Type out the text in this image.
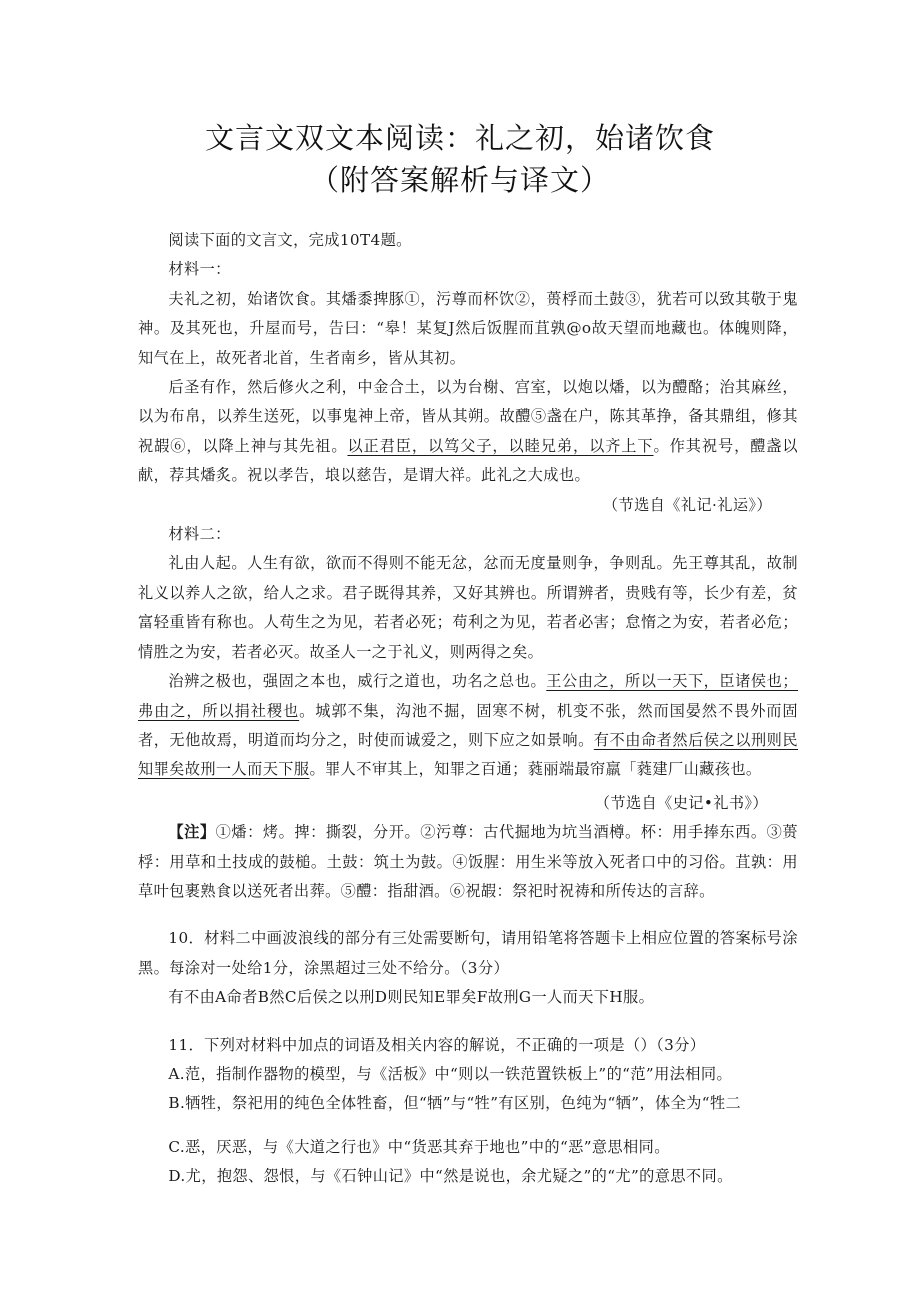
文言文双文本阅读：礼之初，始诸饮食
（附答案解析与译文）

阅读下面的文言文，完成10T4题。

材料一：

夫礼之初，始诸饮食。其燔黍捭豚①，污尊而杯饮②，蒉桴而土鼓③，犹若可以致其敬于鬼神。及其死也，升屋而号，告曰：“皋！某复J然后饭腥而苴孰@o故天望而地藏也。体魄则降，知气在上，故死者北首，生者南乡，皆从其初。

后圣有作，然后修火之利，中金合土，以为台榭、宫室，以炮以燔，以为醴酪；治其麻丝，以为布帛，以养生送死，以事鬼神上帝，皆从其朔。故醴⑤盏在户，陈其革挣，备其鼎组，修其祝嘏⑥，以降上神与其先祖。以正君臣，以笃父子，以睦兄弟，以齐上下。作其祝号，醴盏以献，荐其燔炙。祝以孝告，埌以慈告，是谓大祥。此礼之大成也。

（节选自《礼记·礼运》）

材料二：

礼由人起。人生有欲，欲而不得则不能无忿，忿而无度量则争，争则乱。先王尊其乱，故制礼义以养人之欲，给人之求。君子既得其养，又好其辨也。所谓辨者，贵贱有等，长少有差，贫富轻重皆有称也。人苟生之为见，若者必死；苟利之为见，若者必害；怠惰之为安，若者必危；情胜之为安，若者必灭。故圣人一之于礼义，则两得之矣。

治辨之极也，强固之本也，威行之道也，功名之总也。王公由之，所以一天下，臣诸侯也；弗由之，所以捐社稷也。城郭不集，沟池不掘，固寒不树，机变不张，然而国晏然不畏外而固者，无他故焉，明道而均分之，时使而诚爱之，则下应之如景响。有不由命者然后侯之以刑则民知罪矣故刑一人而天下服。罪人不审其上，知罪之百通；蕤丽端最帘羸「蕤建厂山藏孩也。

（节选自《史记•礼书》）

【注】①燔：烤。捭：撕裂，分开。②污尊：古代掘地为坑当酒樽。杯：用手捧东西。③蒉桴：用草和土技成的鼓槌。土鼓：筑土为鼓。④饭腥：用生米等放入死者口中的习俗。苴孰：用草叶包裹熟食以送死者出葬。⑤醴：指甜酒。⑥祝嘏：祭祀时祝祷和所传达的言辞。

10．材料二中画波浪线的部分有三处需要断句，请用铅笔将答题卡上相应位置的答案标号涂黑。每涂对一处给1分，涂黑超过三处不给分。（3分）

有不由A命者B然C后侯之以刑D则民知E罪矣F故刑G一人而天下H服。

11．下列对材料中加点的词语及相关内容的解说，不正确的一项是（）（3分）

A.范，指制作器物的模型，与《活板》中“则以一铁范置铁板上”的“范”用法相同。

B.牺牲，祭祀用的纯色全体牲畜，但“牺”与“牲”有区别，色纯为“牺”，体全为“牲二

C.恶，厌恶，与《大道之行也》中“货恶其弃于地也”中的“恶”意思相同。

D.尤，抱怨、怨恨，与《石钟山记》中“然是说也，余尤疑之”的“尤”的意思不同。
